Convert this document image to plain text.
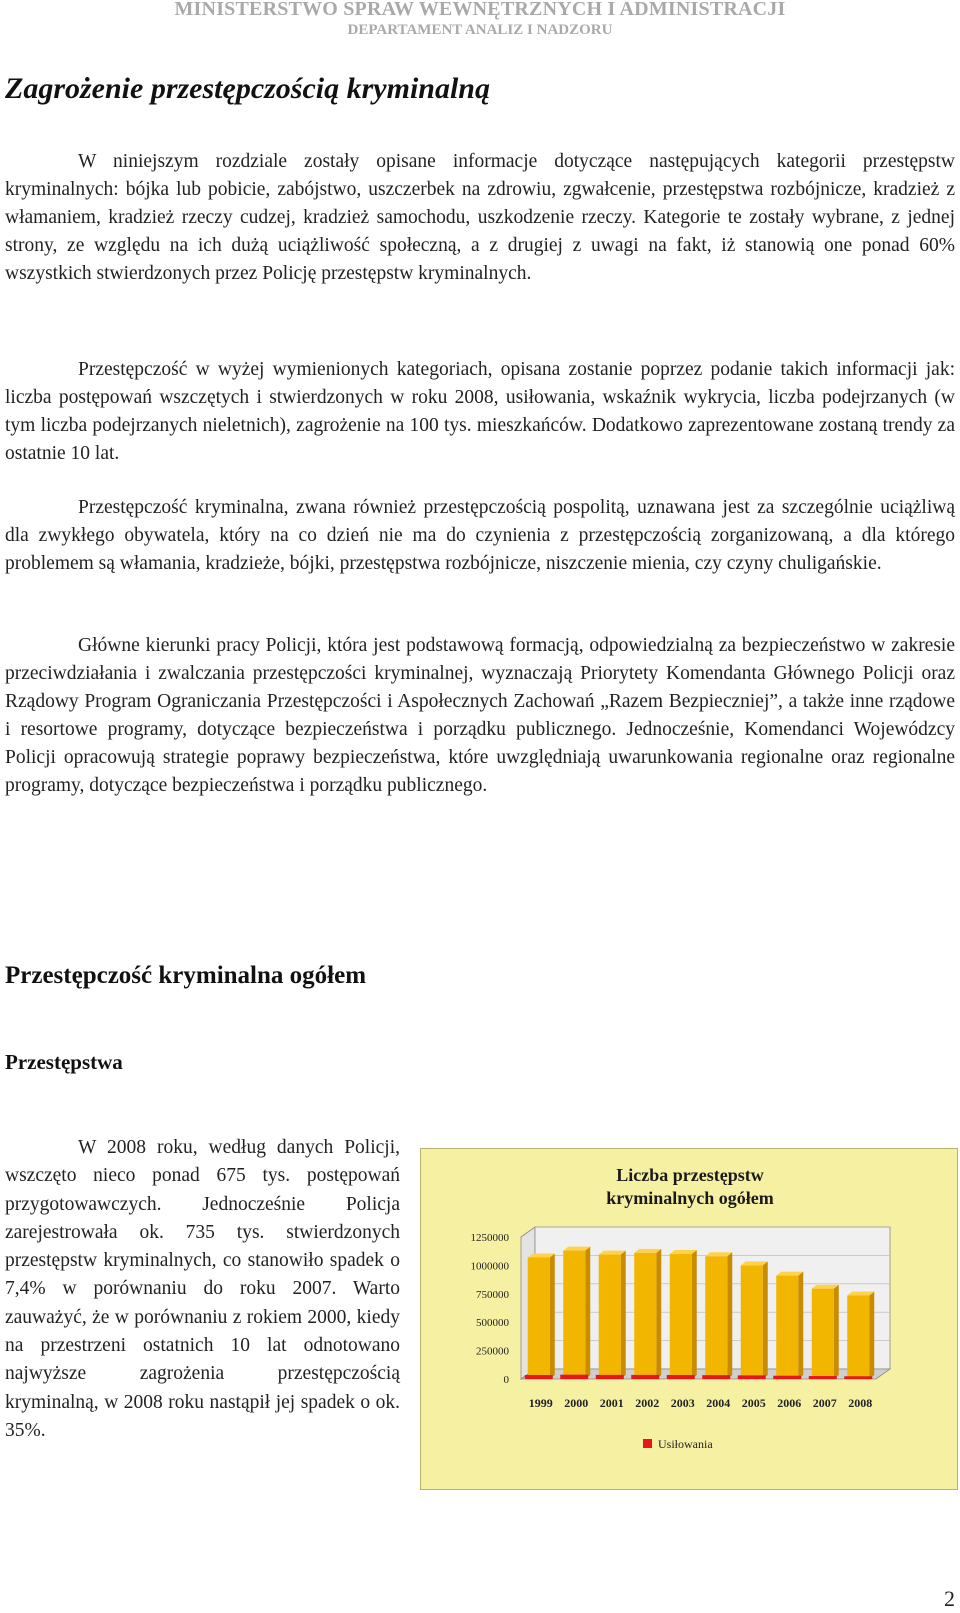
MINISTERSTWO SPRAW WEWNĘTRZNYCH I ADMINISTRACJI
DEPARTAMENT ANALIZ I NADZORU
Zagrożenie przestępczością kryminalną

W niniejszym rozdziale zostały opisane informacje dotyczące następujących kategorii przestępstw kryminalnych: bójka lub pobicie, zabójstwo, uszczerbek na zdrowiu, zgwałcenie, przestępstwa rozbójnicze, kradzież z włamaniem, kradzież rzeczy cudzej, kradzież samochodu, uszkodzenie rzeczy. Kategorie te zostały wybrane, z jednej strony, ze względu na ich dużą uciążliwość społeczną, a z drugiej z uwagi na fakt, iż stanowią one ponad 60% wszystkich stwierdzonych przez Policję przestępstw kryminalnych.

Przestępczość w wyżej wymienionych kategoriach, opisana zostanie poprzez podanie takich informacji jak: liczba postępowań wszczętych i stwierdzonych w roku 2008, usiłowania, wskaźnik wykrycia, liczba podejrzanych (w tym liczba podejrzanych nieletnich), zagrożenie na 100 tys. mieszkańców. Dodatkowo zaprezentowane zostaną trendy za ostatnie 10 lat.

Przestępczość kryminalna, zwana również przestępczością pospolitą, uznawana jest za szczególnie uciążliwą dla zwykłego obywatela, który na co dzień nie ma do czynienia z przestępczością zorganizowaną, a dla którego problemem są włamania, kradzieże, bójki, przestępstwa rozbójnicze, niszczenie mienia, czy czyny chuligańskie.

Główne kierunki pracy Policji, która jest podstawową formacją, odpowiedzialną za bezpieczeństwo w zakresie przeciwdziałania i zwalczania przestępczości kryminalnej, wyznaczają Priorytety Komendanta Głównego Policji oraz Rządowy Program Ograniczania Przestępczości i Aspołecznych Zachowań „Razem Bezpieczniej”, a także inne rządowe i resortowe programy, dotyczące bezpieczeństwa i porządku publicznego. Jednocześnie, Komendanci Wojewódzcy Policji opracowują strategie poprawy bezpieczeństwa, które uwzględniają uwarunkowania regionalne oraz regionalne programy, dotyczące bezpieczeństwa i porządku publicznego.

Przestępczość kryminalna ogółem
Przestępstwa

W 2008 roku, według danych Policji, wszczęto nieco ponad 675 tys. postępowań przygotowawczych. Jednocześnie Policja zarejestrowała ok. 735 tys. stwierdzonych przestępstw kryminalnych, co stanowiło spadek o 7,4% w porównaniu do roku 2007. Warto zauważyć, że w porównaniu z rokiem 2000, kiedy na przestrzeni ostatnich 10 lat odnotowano najwyższe zagrożenia przestępczością kryminalną, w 2008 roku nastąpił jej spadek o ok. 35%.

Liczba przestępstw
kryminalnych ogółem
0
250000
500000
750000
1000000
1250000
1999 2000 2001 2002 2003 2004 2005 2006 2007 2008
Usiłowania
2
